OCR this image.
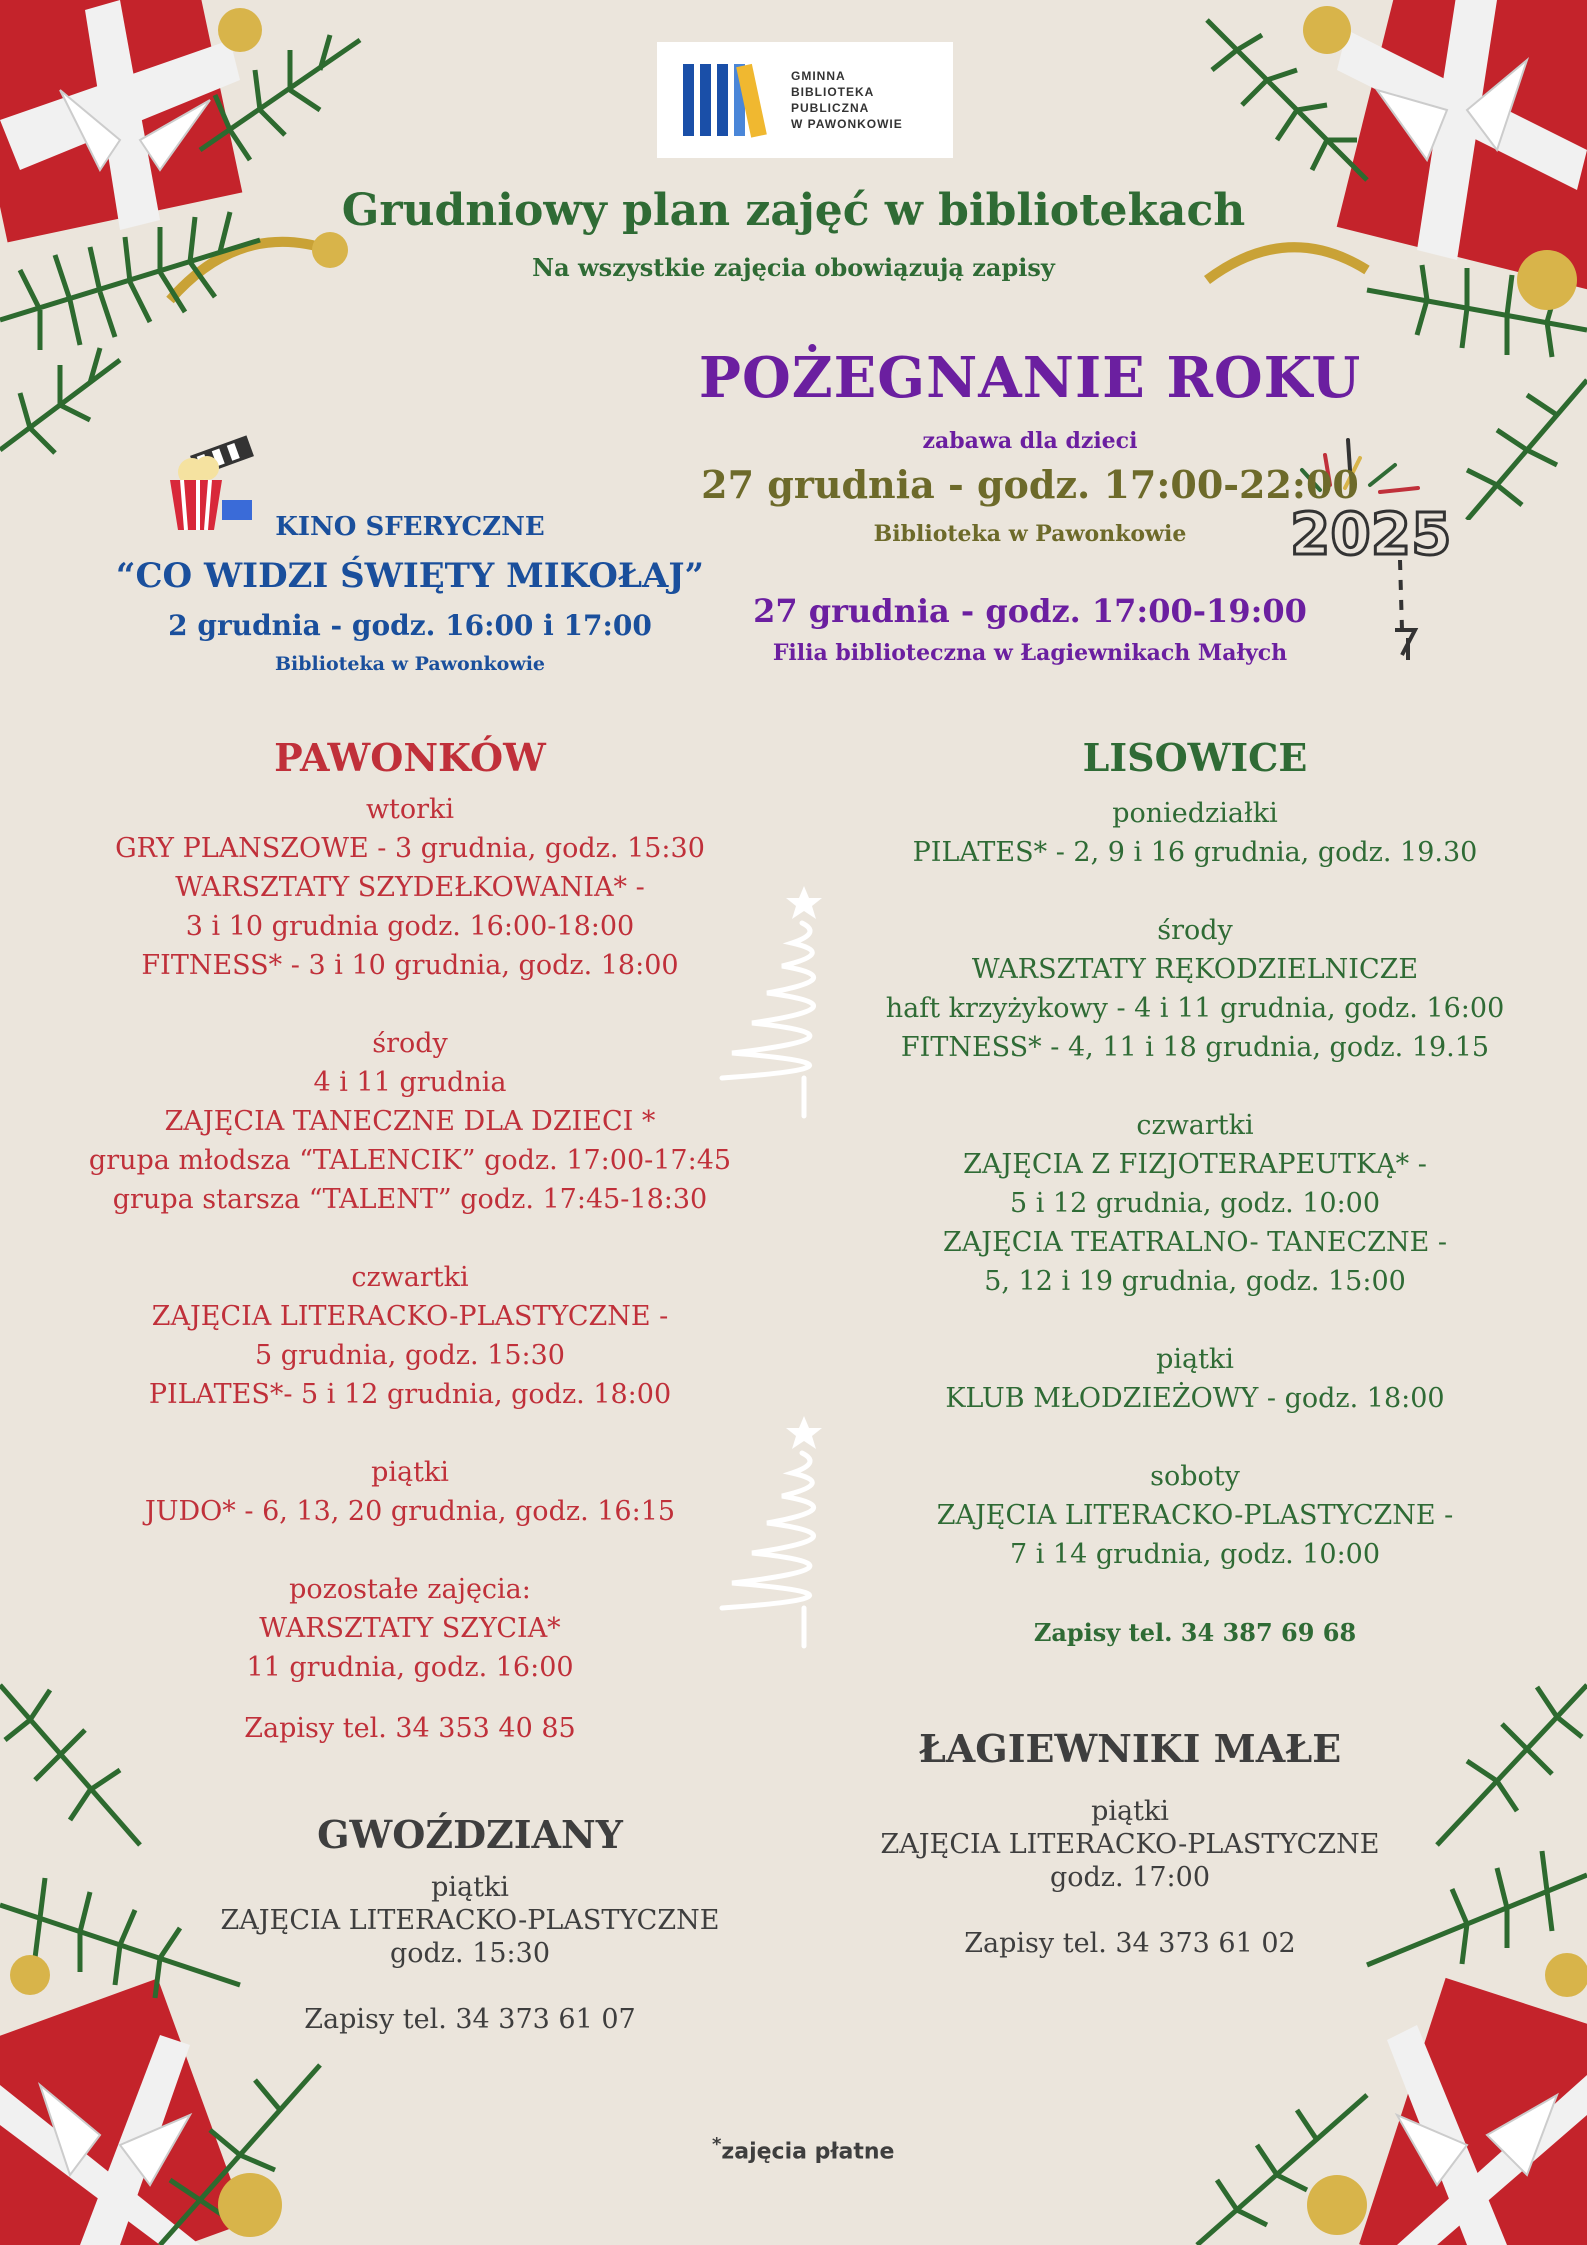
2025
GMINNA
BIBLIOTEKA
PUBLICZNA
W PAWONKOWIE
Grudniowy plan zajęć w bibliotekach
Na wszystkie zajęcia obowiązują zapisy
POŻEGNANIE ROKU
zabawa dla dzieci
27 grudnia - godz. 17:00-22:00
Biblioteka w Pawonkowie
27 grudnia - godz. 17:00-19:00
Filia biblioteczna w Łagiewnikach Małych
KINO SFERYCZNE
“CO WIDZI ŚWIĘTY MIKOŁAJ”
2 grudnia - godz. 16:00 i 17:00
Biblioteka w Pawonkowie
PAWONKÓW
wtorki
GRY PLANSZOWE - 3 grudnia, godz. 15:30
WARSZTATY SZYDEŁKOWANIA* -
3 i 10 grudnia godz. 16:00-18:00
FITNESS* - 3 i 10 grudnia, godz. 18:00
środy
4 i 11 grudnia
ZAJĘCIA TANECZNE DLA DZIECI *
grupa młodsza “TALENCIK” godz. 17:00-17:45
grupa starsza “TALENT” godz. 17:45-18:30
czwartki
ZAJĘCIA LITERACKO-PLASTYCZNE -
5 grudnia, godz. 15:30
PILATES*- 5 i 12 grudnia, godz. 18:00
piątki
JUDO* - 6, 13, 20 grudnia, godz. 16:15
pozostałe zajęcia:
WARSZTATY SZYCIA*
11 grudnia, godz. 16:00
Zapisy tel. 34 353 40 85
LISOWICE
poniedziałki
PILATES* - 2, 9 i 16 grudnia, godz. 19.30
środy
WARSZTATY RĘKODZIELNICZE
haft krzyżykowy - 4 i 11 grudnia, godz. 16:00
FITNESS* - 4, 11 i 18 grudnia, godz. 19.15
czwartki
ZAJĘCIA Z FIZJOTERAPEUTKĄ* -
5 i 12 grudnia, godz. 10:00
ZAJĘCIA TEATRALNO- TANECZNE -
5, 12 i 19 grudnia, godz. 15:00
piątki
KLUB MŁODZIEŻOWY - godz. 18:00
soboty
ZAJĘCIA LITERACKO-PLASTYCZNE -
7 i 14 grudnia, godz. 10:00
Zapisy tel. 34 387 69 68
GWOŹDZIANY
piątki
ZAJĘCIA LITERACKO-PLASTYCZNE
godz. 15:30
Zapisy tel. 34 373 61 07
ŁAGIEWNIKI MAŁE
piątki
ZAJĘCIA LITERACKO-PLASTYCZNE
godz. 17:00
Zapisy tel. 34 373 61 02
*zajęcia płatne
